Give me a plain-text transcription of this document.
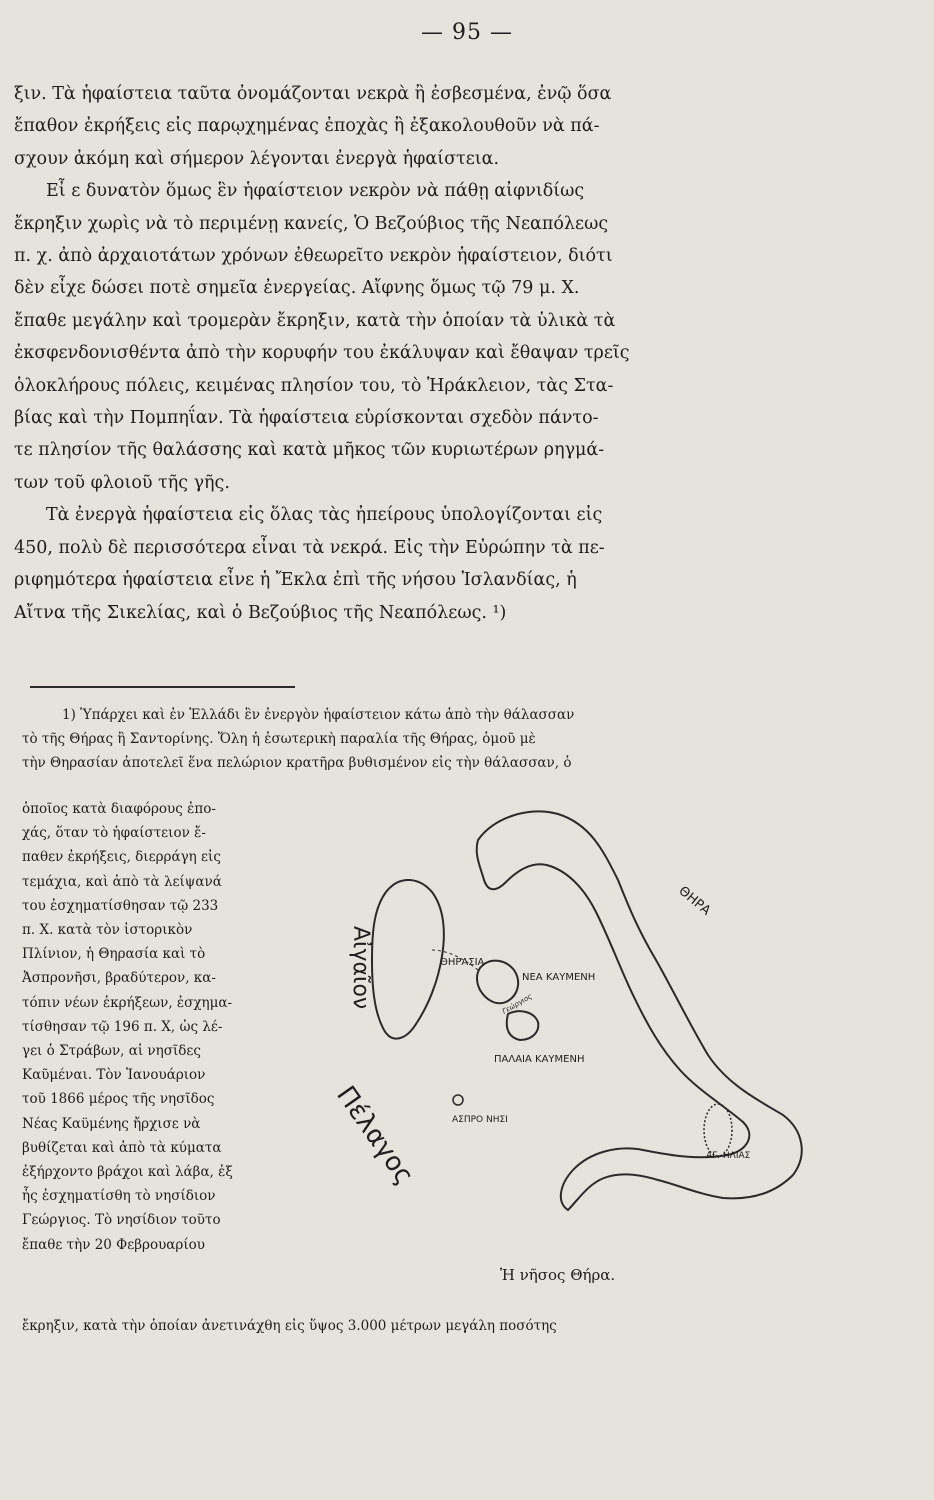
— 95 —
ξιν. Τὰ ἡφαίστεια ταῦτα ὀνομάζονται νεκρὰ ἢ ἐσβεσμένα, ἐνῷ ὅσα
ἔπαθον ἐκρήξεις εἰς παρῳχημένας ἐποχὰς ἢ ἐξακολουθοῦν νὰ πά-
σχουν ἀκόμη καὶ σήμερον λέγονται ἐνεργὰ ἡφαίστεια.
Εἶ ε δυνατὸν ὅμως ἓν ἡφαίστειον νεκρὸν νὰ πάθῃ αἰφνιδίως
ἔκρηξιν χωρὶς νὰ τὸ περιμένῃ κανείς, Ὁ Βεζούβιος τῆς Νεαπόλεως
π. χ. ἀπὸ ἀρχαιοτάτων χρόνων ἐθεωρεῖτο νεκρὸν ἡφαίστειον, διότι
δὲν εἶχε δώσει ποτὲ σημεῖα ἐνεργείας. Αἴφνης ὅμως τῷ 79 μ. Χ.
ἔπαθε μεγάλην καὶ τρομερὰν ἔκρηξιν, κατὰ τὴν ὁποίαν τὰ ὑλικὰ τὰ
ἐκσφενδονισθέντα ἀπὸ τὴν κορυφήν του ἐκάλυψαν καὶ ἔθαψαν τρεῖς
ὁλοκλήρους πόλεις, κειμένας πλησίον του, τὸ Ἡράκλειον, τὰς Στα-
βίας καὶ τὴν Πομπηΐαν. Τὰ ἡφαίστεια εὑρίσκονται σχεδὸν πάντο-
τε πλησίον τῆς θαλάσσης καὶ κατὰ μῆκος τῶν κυριωτέρων ρηγμά-
των τοῦ φλοιοῦ τῆς γῆς.
Τὰ ἐνεργὰ ἡφαίστεια εἰς ὅλας τὰς ἠπείρους ὑπολογίζονται εἰς
450, πολὺ δὲ περισσότερα εἶναι τὰ νεκρά. Εἰς τὴν Εὐρώπην τὰ πε-
ριφημότερα ἡφαίστεια εἶνε ἡ Ἔκλα ἐπὶ τῆς νήσου Ἰσλανδίας, ἡ
Αἴτνα τῆς Σικελίας, καὶ ὁ Βεζούβιος τῆς Νεαπόλεως. ¹)
1) Ὑπάρχει καὶ ἐν Ἑλλάδι ἓν ἐνεργὸν ἡφαίστειον κάτω ἀπὸ τὴν θάλασσαν
τὸ τῆς Θήρας ἢ Σαντορίνης. Ὅλη ἡ ἐσωτερικὴ παραλία τῆς Θήρας, ὁμοῦ μὲ
τὴν Θηρασίαν ἀποτελεῖ ἕνα πελώριον κρατῆρα βυθισμένον εἰς τὴν θάλασσαν, ὁ
ὁποῖος κατὰ διαφόρους ἐπο-
χάς, ὅταν τὸ ἡφαίστειον ἔ-
παθεν ἐκρήξεις, διερράγη εἰς
τεμάχια, καὶ ἀπὸ τὰ λείψανά
του ἐσχηματίσθησαν τῷ 233
π. Χ. κατὰ τὸν ἱστορικὸν
Πλίνιον, ἡ Θηρασία καὶ τὸ
Ἀσπρονῆσι, βραδύτερον, κα-
τόπιν νέων ἐκρήξεων, ἐσχημα-
τίσθησαν τῷ 196 π. Χ, ὡς λέ-
γει ὁ Στράβων, αἱ νησῖδες
Καῦμέναι. Τὸν Ἰανουάριον
τοῦ 1866 μέρος τῆς νησῖδος
Νέας Καϋμένης ἤρχισε νὰ
βυθίζεται καὶ ἀπὸ τὰ κύματα
ἐξήρχοντο βράχοι καὶ λάβα, ἐξ
ἧς ἐσχηματίσθη τὸ νησίδιον
Γεώργιος. Τὸ νησίδιον τοῦτο
ἔπαθε τὴν 20 Φεβρουαρίου
ΘΗΡΑ
ΘΗΡΑΣΙΑ
ΝΕΑ ΚΑΥΜΕΝΗ
Γεώργιος
ΠΑΛΑΙΑ ΚΑΥΜΕΝΗ
ΑΣΠΡΟ ΝΗΣΙ
ΑΓ. ΗΛΙΑΣ
Αἰγαῖον
Πέλαγος
Ἡ νῆσος Θήρα.
ἔκρηξιν, κατὰ τὴν ὁποίαν ἀνετινάχθη εἰς ὕψος 3.000 μέτρων μεγάλη ποσότης
